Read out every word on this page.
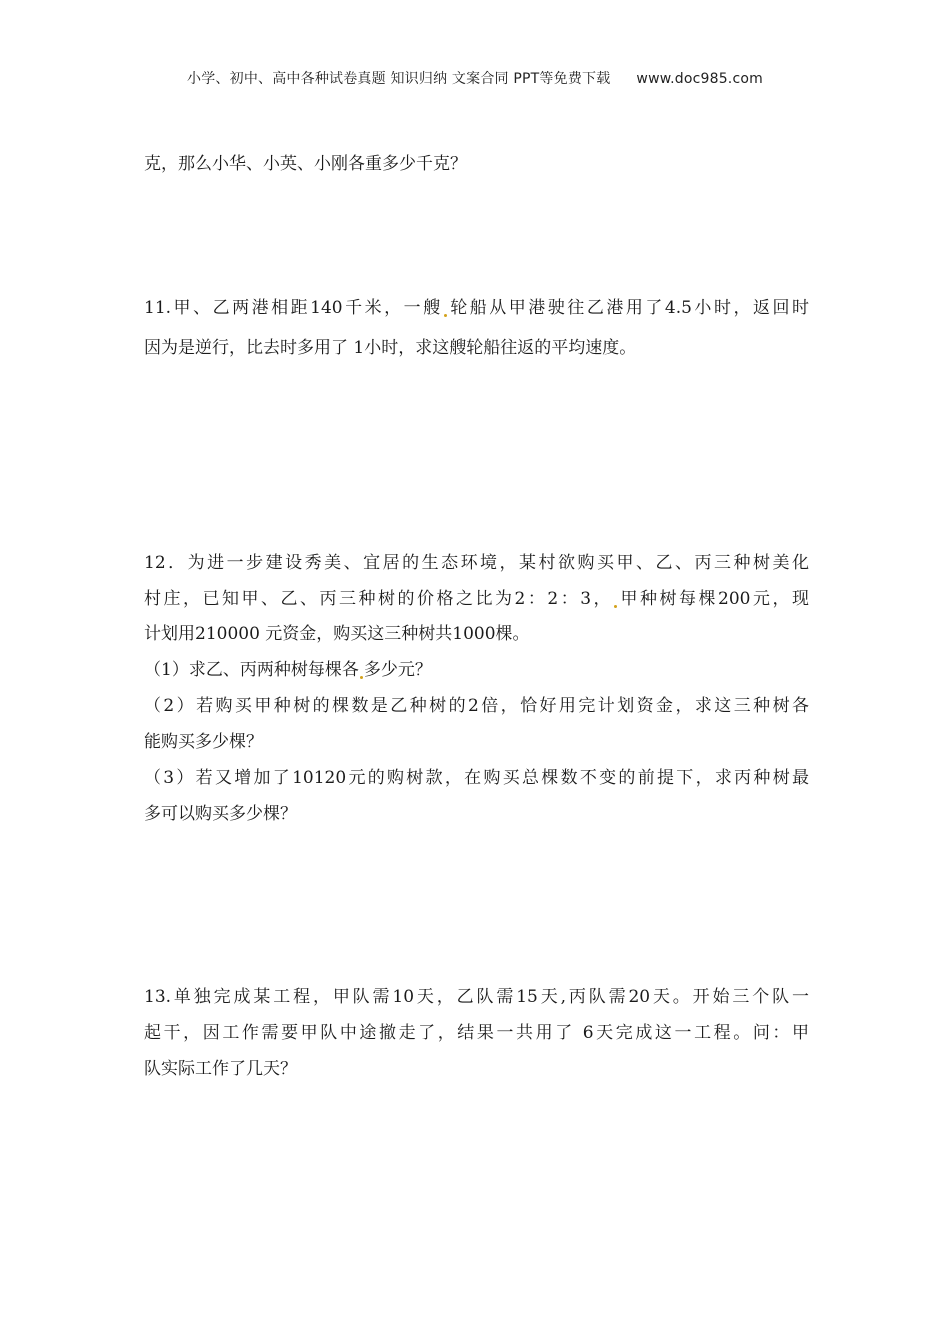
小学、初中、高中各种试卷真题 知识归纳 文案合同 PPT等免费下载 www.doc985.com
克，那么小华、小英、小刚各重多少千克？
11.甲、乙两港相距140千米，一艘 轮船从甲港驶往乙港用了4.5小时，返回时
因为是逆行，比去时多用了 1小时，求这艘轮船往返的平均速度。
12．为进一步建设秀美、宜居的生态环境，某村欲购买甲、乙、丙三种树美化
村庄，已知甲、乙、丙三种树的价格之比为2：2：3， 甲种树每棵200元，现
计划用210000 元资金，购买这三种树共1000棵。
（1）求乙、丙两种树每棵各 多少元？
（2）若购买甲种树的棵数是乙种树的2倍，恰好用完计划资金，求这三种树各
能购买多少棵？
（3）若又增加了10120元的购树款，在购买总棵数不变的前提下，求丙种树最
多可以购买多少棵？
13.单独完成某工程，甲队需10天，乙队需15天,丙队需20天。开始三个队一
起干，因工作需要甲队中途撤走了，结果一共用了 6天完成这一工程。问：甲
队实际工作了几天？
